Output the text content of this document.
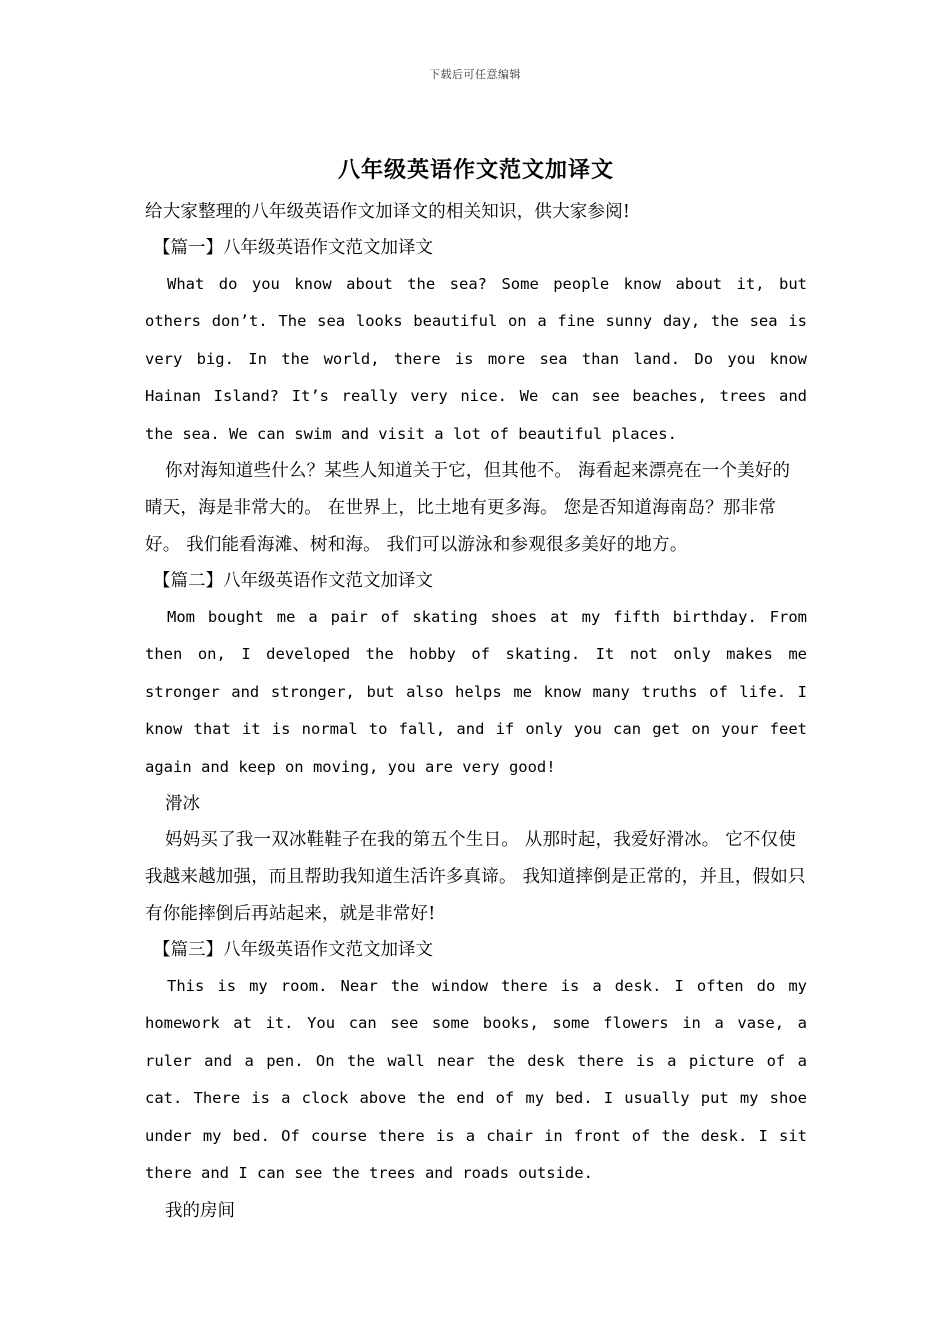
下载后可任意编辑
八年级英语作文范文加译文

给大家整理的八年级英语作文加译文的相关知识，供大家参阅!

【篇一】八年级英语作文范文加译文

What do you know about the sea? Some people know about it, but others don’t. The sea looks beautiful on a fine sunny day, the sea is very big. In the world, there is more sea than land. Do you know Hainan Island? It’s really very nice. We can see beaches, trees and the sea. We can swim and visit a lot of beautiful places.

你对海知道些什么？某些人知道关于它，但其他不。 海看起来漂亮在一个美好的晴天，海是非常大的。 在世界上，比土地有更多海。 您是否知道海南岛？那非常好。 我们能看海滩、树和海。 我们可以游泳和参观很多美好的地方。

【篇二】八年级英语作文范文加译文

Mom bought me a pair of skating shoes at my fifth birthday. From then on, I developed the hobby of skating. It not only makes me stronger and stronger, but also helps me know many truths of life. I know that it is normal to fall, and if only you can get on your feet again and keep on moving, you are very good!

滑冰

妈妈买了我一双冰鞋鞋子在我的第五个生日。 从那时起，我爱好滑冰。 它不仅使我越来越加强，而且帮助我知道生活许多真谛。 我知道摔倒是正常的，并且，假如只有你能摔倒后再站起来，就是非常好!

【篇三】八年级英语作文范文加译文

This is my room. Near the window there is a desk. I often do my homework at it. You can see some books, some flowers in a vase, a ruler and a pen. On the wall near the desk there is a picture of a cat. There is a clock above the end of my bed. I usually put my shoe under my bed. Of course there is a chair in front of the desk. I sit there and I can see the trees and roads outside.

我的房间
